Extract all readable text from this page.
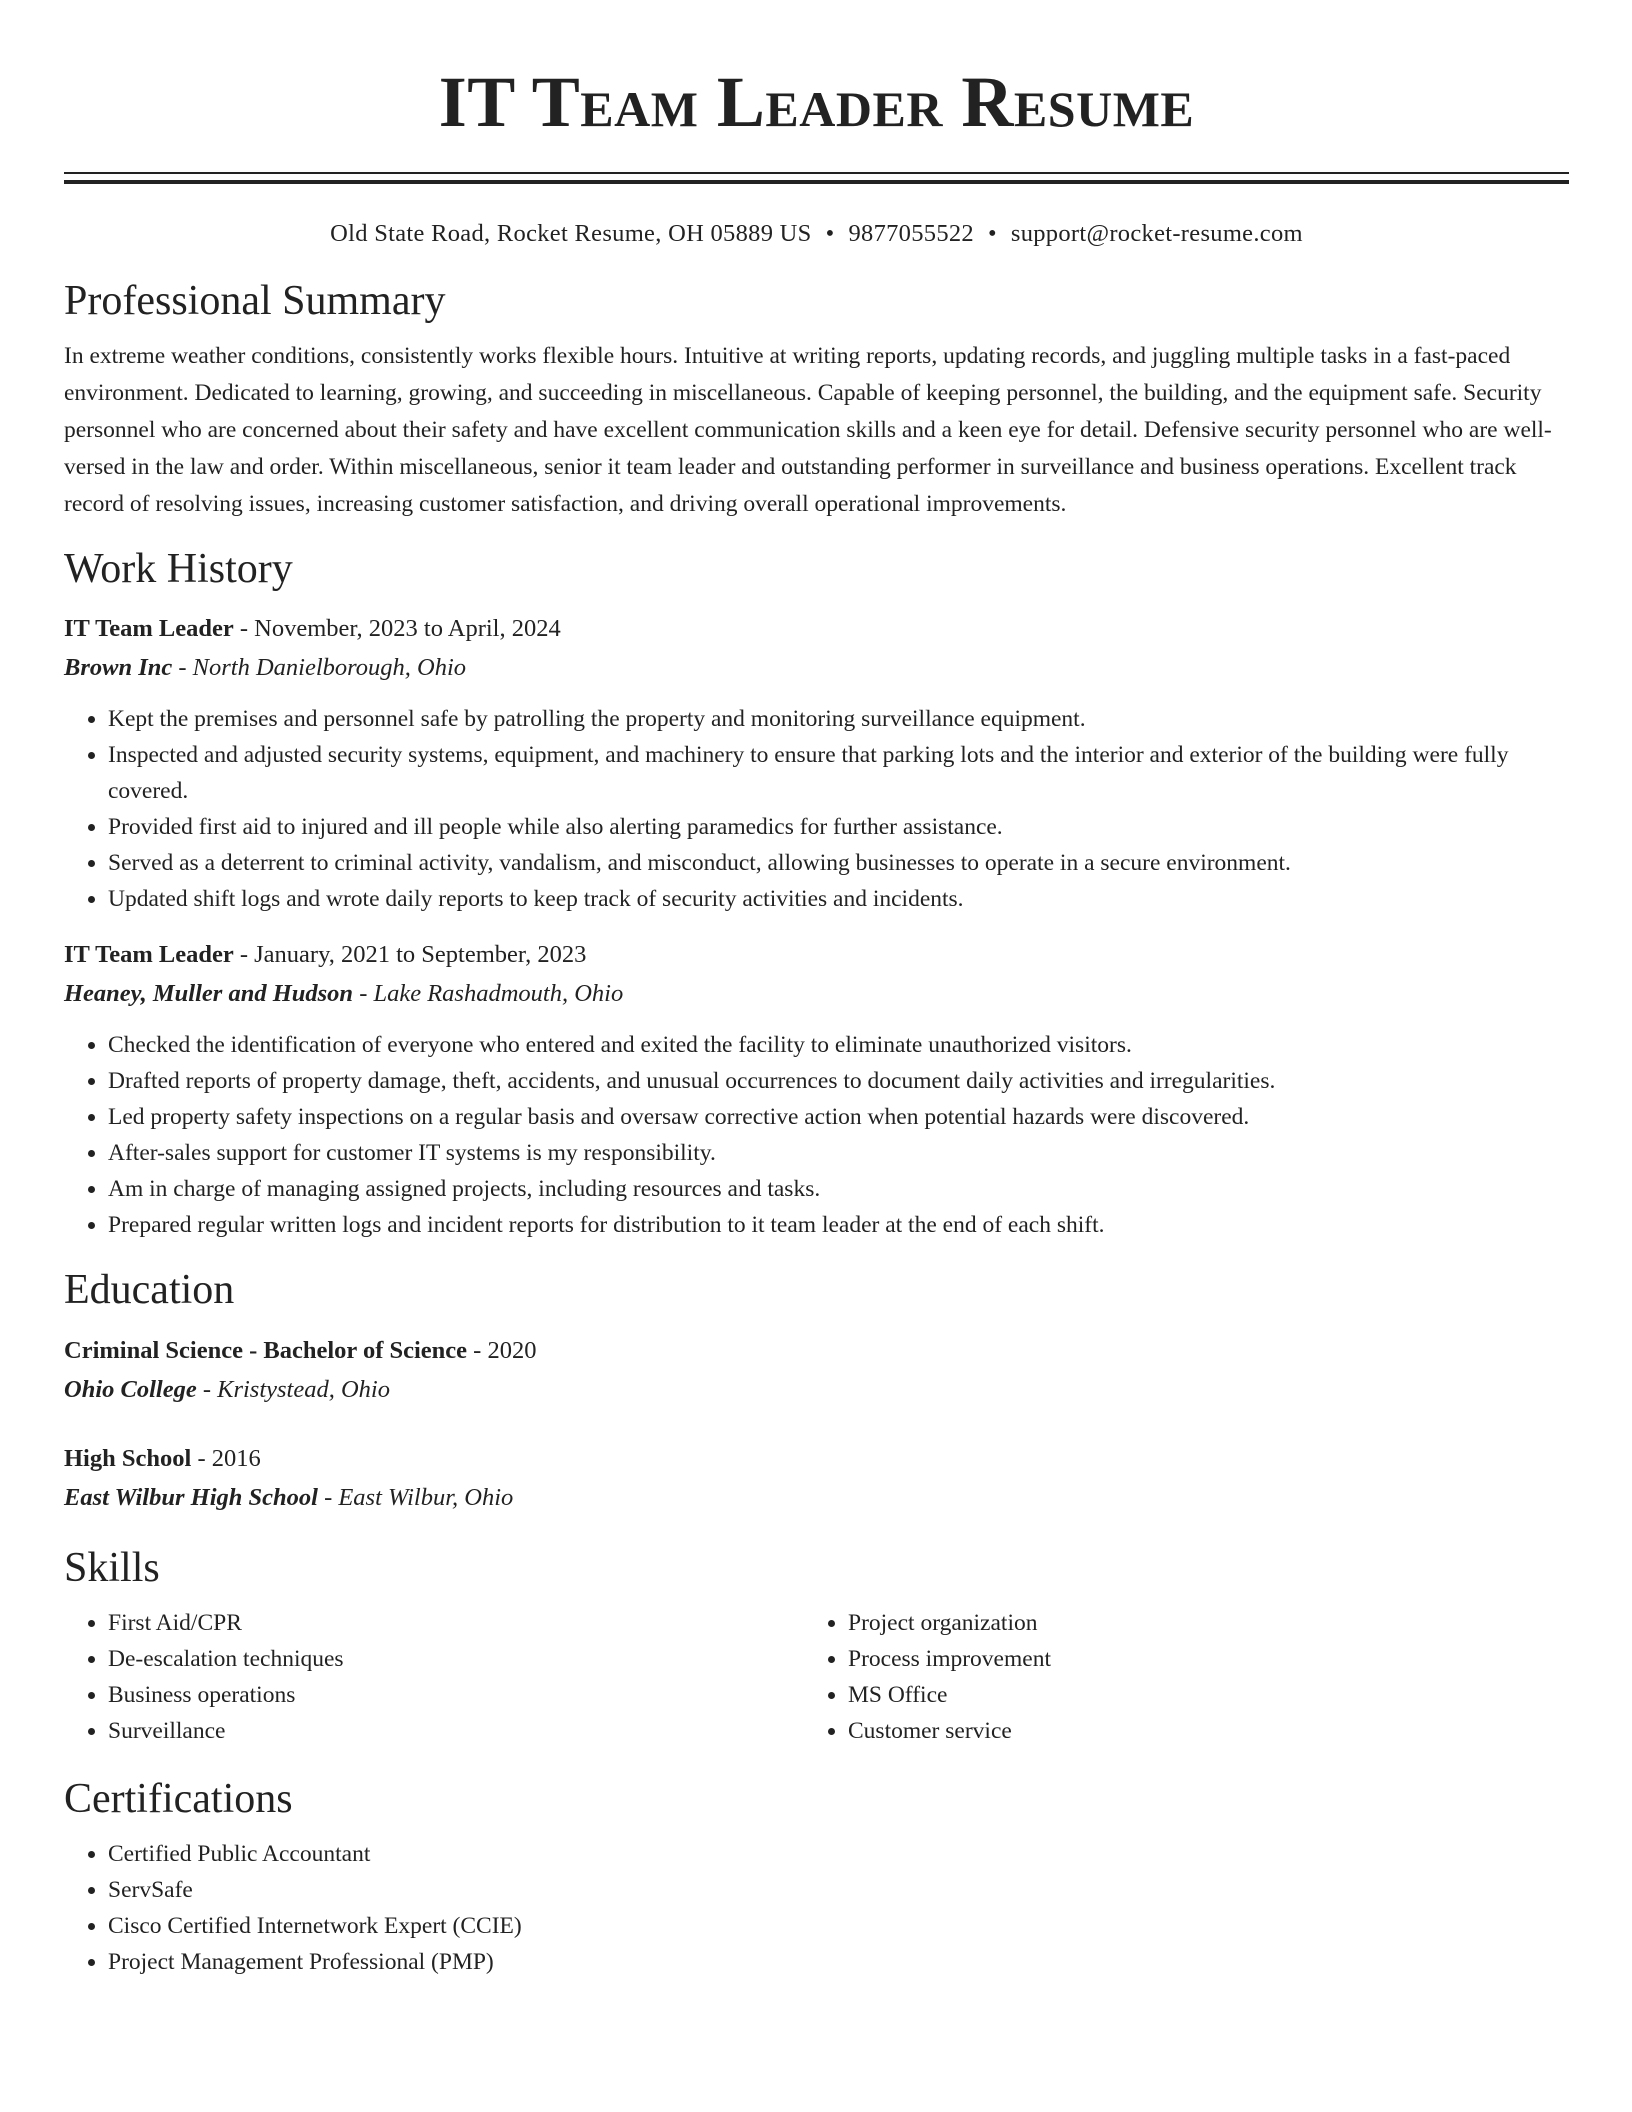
IT Team Leader Resume
Old State Road, Rocket Resume, OH 05889 US • 9877055522 • support@rocket-resume.com
Professional Summary
In extreme weather conditions, consistently works flexible hours. Intuitive at writing reports, updating records, and juggling multiple tasks in a fast-paced environment. Dedicated to learning, growing, and succeeding in miscellaneous. Capable of keeping personnel, the building, and the equipment safe. Security personnel who are concerned about their safety and have excellent communication skills and a keen eye for detail. Defensive security personnel who are well-versed in the law and order. Within miscellaneous, senior it team leader and outstanding performer in surveillance and business operations. Excellent track record of resolving issues, increasing customer satisfaction, and driving overall operational improvements.
Work History
IT Team Leader - November, 2023 to April, 2024
Brown Inc - North Danielborough, Ohio
• Kept the premises and personnel safe by patrolling the property and monitoring surveillance equipment.
• Inspected and adjusted security systems, equipment, and machinery to ensure that parking lots and the interior and exterior of the building were fully covered.
• Provided first aid to injured and ill people while also alerting paramedics for further assistance.
• Served as a deterrent to criminal activity, vandalism, and misconduct, allowing businesses to operate in a secure environment.
• Updated shift logs and wrote daily reports to keep track of security activities and incidents.
IT Team Leader - January, 2021 to September, 2023
Heaney, Muller and Hudson - Lake Rashadmouth, Ohio
• Checked the identification of everyone who entered and exited the facility to eliminate unauthorized visitors.
• Drafted reports of property damage, theft, accidents, and unusual occurrences to document daily activities and irregularities.
• Led property safety inspections on a regular basis and oversaw corrective action when potential hazards were discovered.
• After-sales support for customer IT systems is my responsibility.
• Am in charge of managing assigned projects, including resources and tasks.
• Prepared regular written logs and incident reports for distribution to it team leader at the end of each shift.
Education
Criminal Science - Bachelor of Science - 2020
Ohio College - Kristystead, Ohio
High School - 2016
East Wilbur High School - East Wilbur, Ohio
Skills
• First Aid/CPR
• De-escalation techniques
• Business operations
• Surveillance
• Project organization
• Process improvement
• MS Office
• Customer service
Certifications
• Certified Public Accountant
• ServSafe
• Cisco Certified Internetwork Expert (CCIE)
• Project Management Professional (PMP)
